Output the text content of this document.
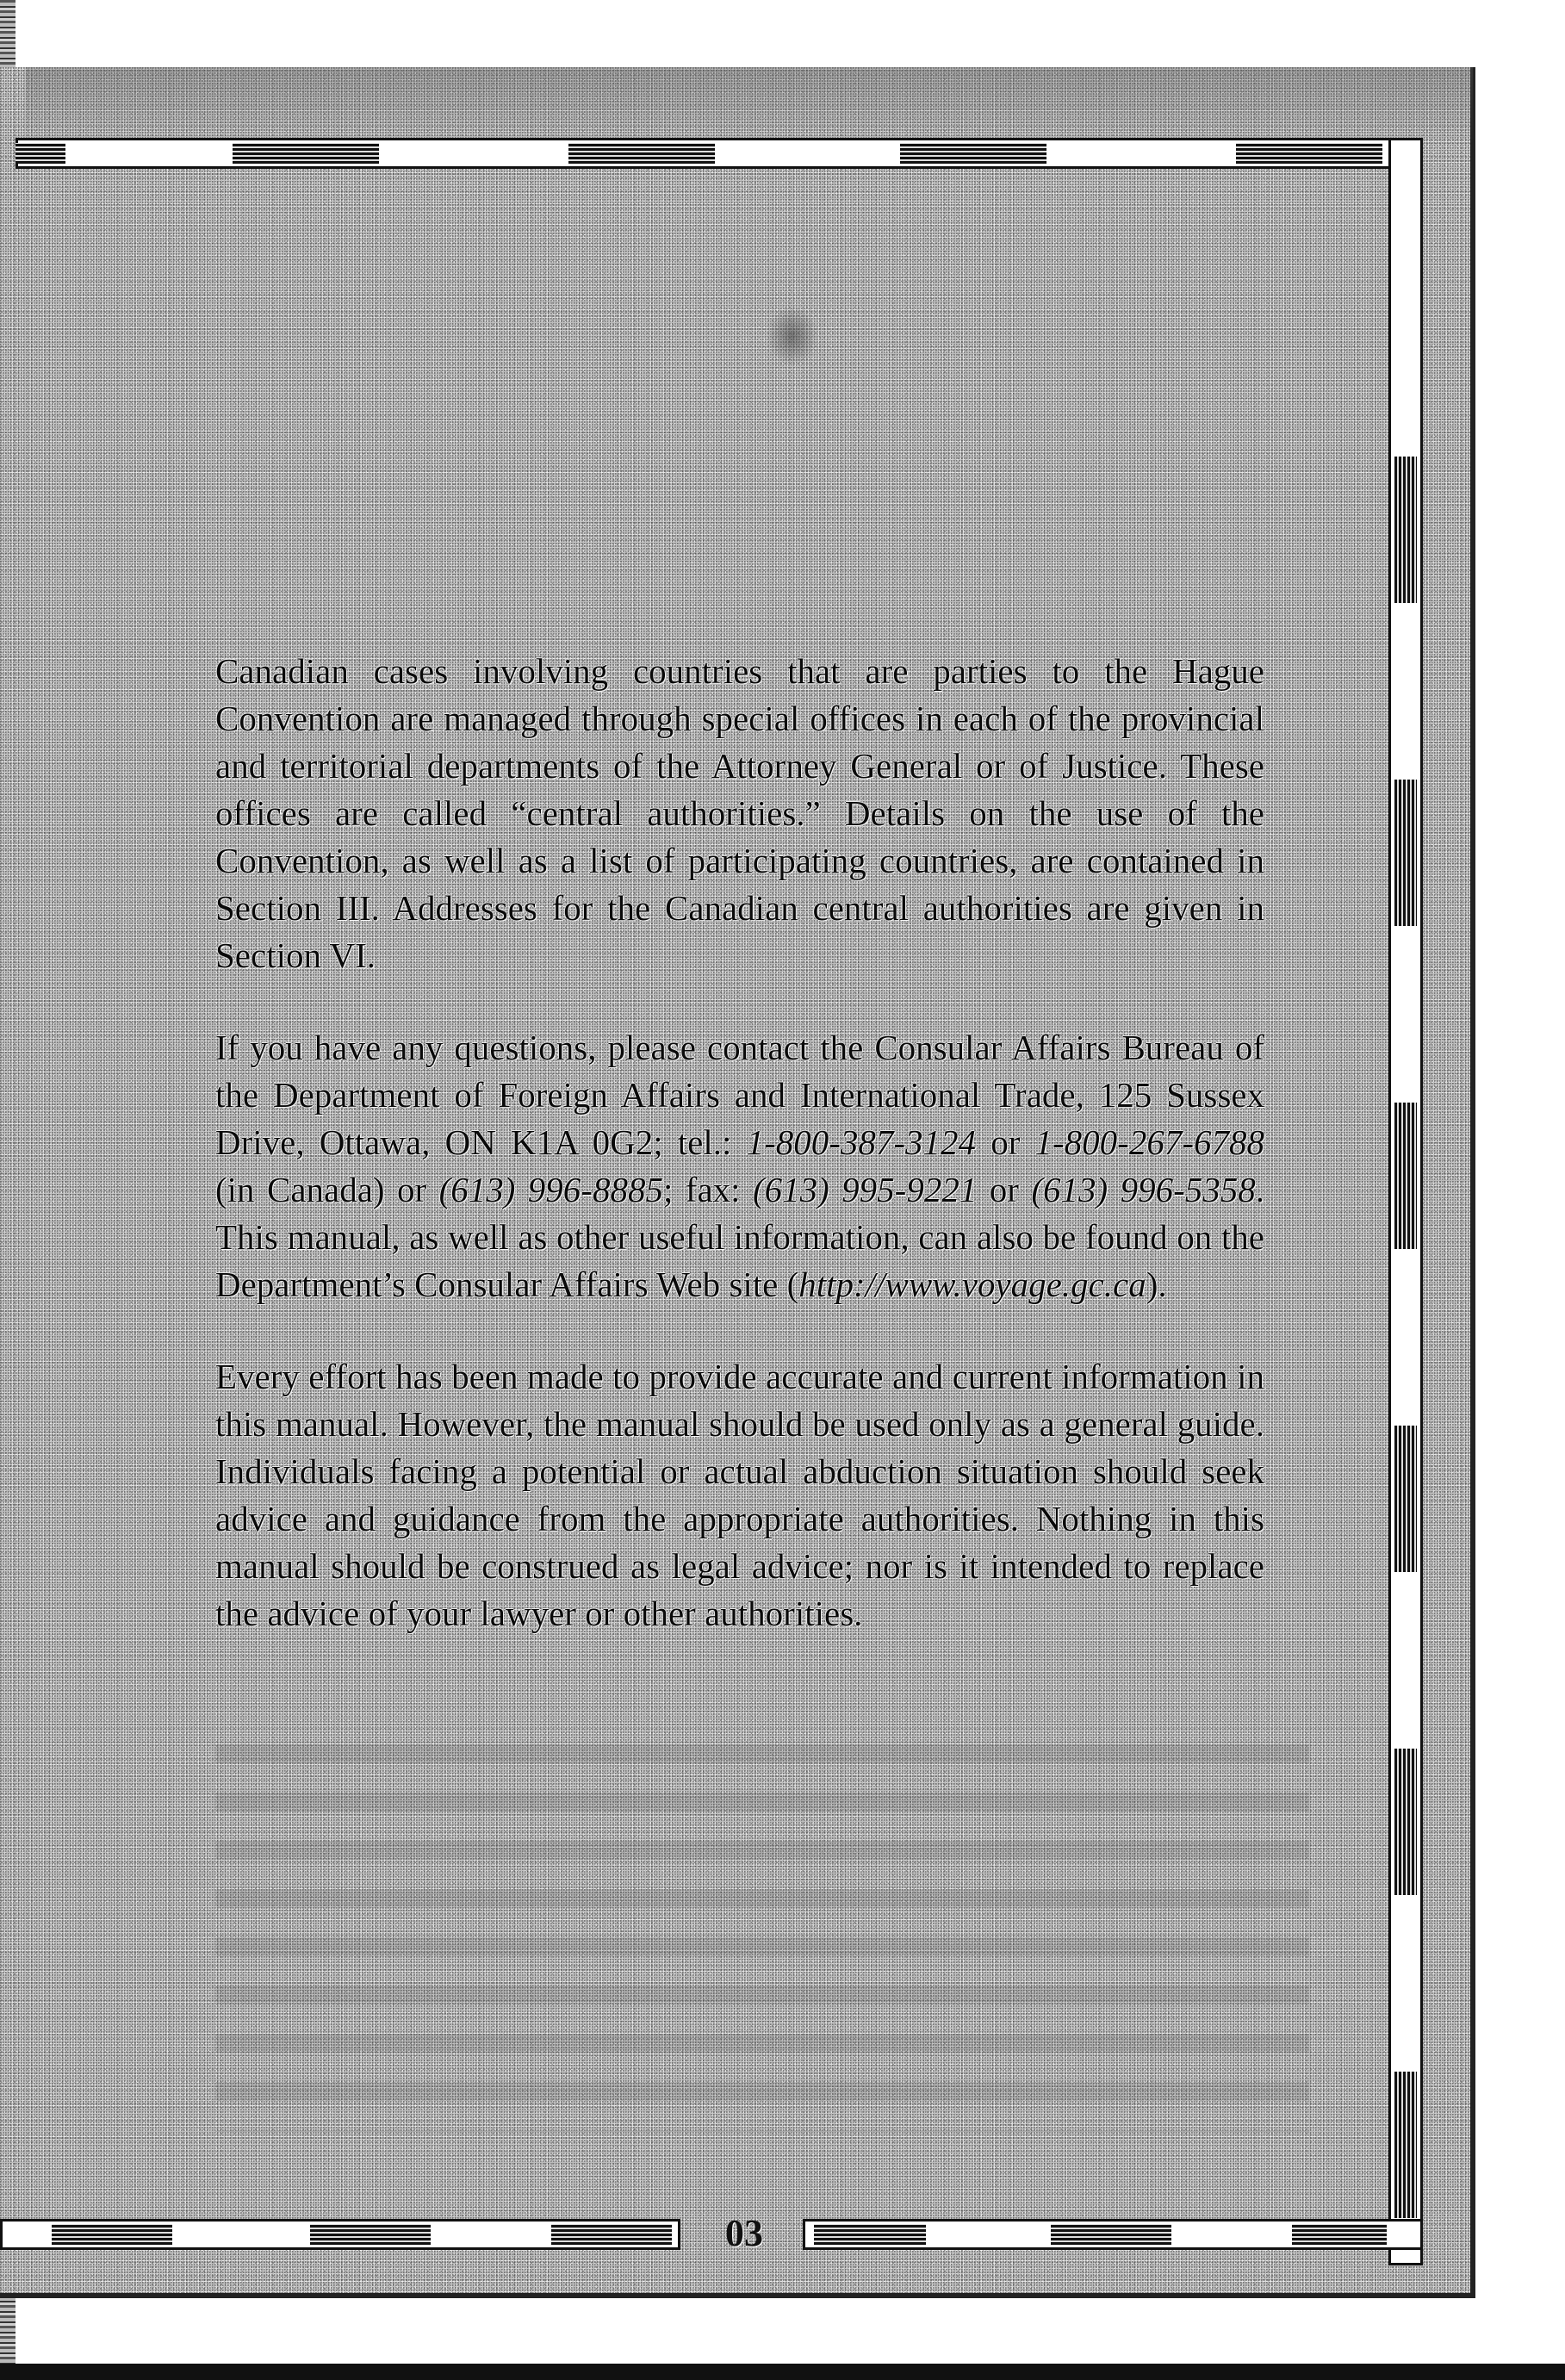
Canadian cases involving countries that are parties to the Hague Convention are managed through special offices in each of the provincial and territorial departments of the Attorney General or of Justice. These offices are called “central authorities.” Details on the use of the Convention, as well as a list of participating countries, are contained in Section III. Addresses for the Canadian central authorities are given in Section VI.

If you have any questions, please contact the Consular Affairs Bureau of the Department of Foreign Affairs and International Trade, 125 Sussex Drive, Ottawa, ON K1A 0G2; tel.: 1-800-387-3124 or 1-800-267-6788 (in Canada) or (613) 996-8885; fax: (613) 995-9221 or (613) 996-5358. This manual, as well as other useful information, can also be found on the Department’s Consular Affairs Web site (http://www.voyage.gc.ca).

Every effort has been made to provide accurate and current information in this manual. However, the manual should be used only as a general guide. Individuals facing a potential or actual abduction situation should seek advice and guidance from the appropriate authorities. Nothing in this manual should be construed as legal advice; nor is it intended to replace the advice of your lawyer or other authorities.

03
